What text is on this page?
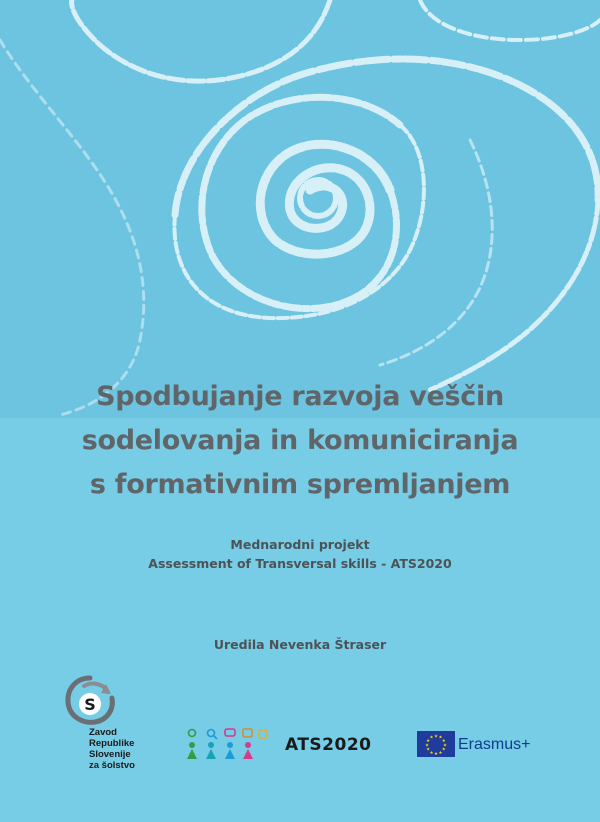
Spodbujanje razvoja veščin
sodelovanja in komuniciranja
s formativnim spremljanjem
Mednarodni projekt
Assessment of Transversal skills - ATS2020
Uredila Nevenka Štraser
S
Zavod
Republike
Slovenije
za šolstvo
ATS2020	★ ★
★
★
★
★
★
★
★
★
★
★ Erasmus+
